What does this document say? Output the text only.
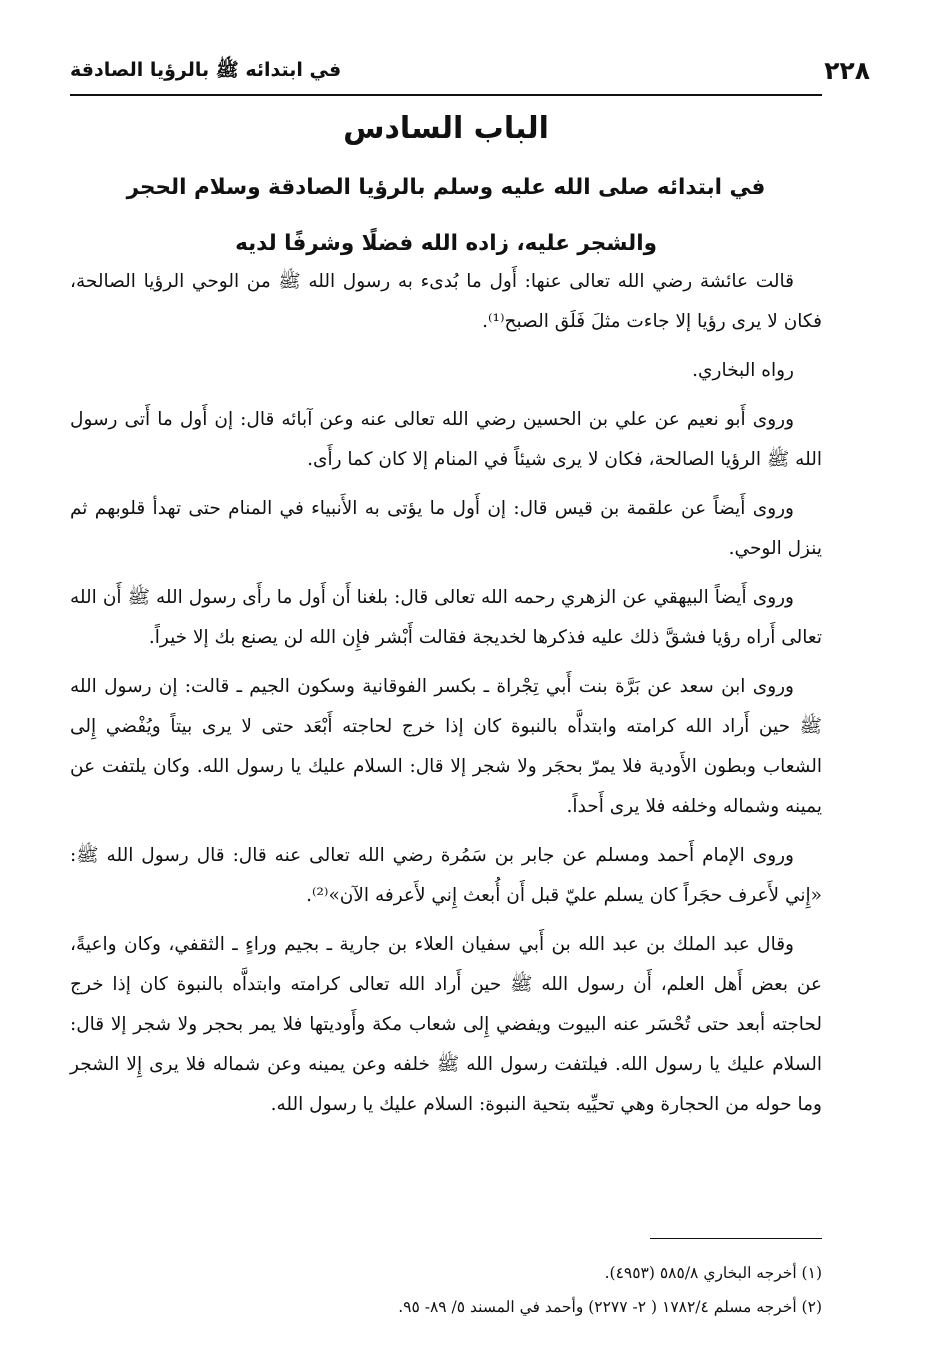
٢٢٨
في ابتدائه ﷺ بالرؤيا الصادقة
الباب السادس
في ابتدائه صلى الله عليه وسلم بالرؤيا الصادقة وسلام الحجر والشجر عليه، زاده الله فضلًا وشرفًا لديه

قالت عائشة رضي الله تعالى عنها: أَول ما بُدىء به رسول الله ﷺ من الوحي الرؤيا الصالحة، فكان لا يرى رؤيا إلا جاءت مثلَ فَلَق الصبح⁽¹⁾.

رواه البخاري.

وروى أَبو نعيم عن علي بن الحسين رضي الله تعالى عنه وعن آبائه قال: إن أَول ما أَتى رسول الله ﷺ الرؤيا الصالحة، فكان لا يرى شيئاً في المنام إلا كان كما رأَى.

وروى أَيضاً عن علقمة بن قيس قال: إن أَول ما يؤتى به الأَنبياء في المنام حتى تهدأ قلوبهم ثم ينزل الوحي.

وروى أَيضاً البيهقي عن الزهري رحمه الله تعالى قال: بلغنا أَن أَول ما رأَى رسول الله ﷺ أَن الله تعالى أَراه رؤيا فشقَّ ذلك عليه فذكرها لخديجة فقالت أَبْشر فإِن الله لن يصنع بك إلا خيراً.

وروى ابن سعد عن بَرَّة بنت أَبي تِجْراة ـ بكسر الفوقانية وسكون الجيم ـ قالت: إن رسول الله ﷺ حين أَراد الله كرامته وابتداَّه بالنبوة كان إذا خرج لحاجته أَبْعَد حتى لا يرى بيتاً ويُفْضي إِلى الشعاب وبطون الأَودية فلا يمرّ بحجَر ولا شجر إلا قال: السلام عليك يا رسول الله. وكان يلتفت عن يمينه وشماله وخلفه فلا يرى أَحداً.

وروى الإمام أَحمد ومسلم عن جابر بن سَمُرة رضي الله تعالى عنه قال: قال رسول الله ﷺ: «إِني لأَعرف حجَراً كان يسلم عليّ قبل أَن أُبعث إِني لأَعرفه الآن»⁽²⁾.

وقال عبد الملك بن عبد الله بن أَبي سفيان العلاء بن جارية ـ بجيم وراءٍ ـ الثقفي، وكان واعيةً، عن بعض أَهل العلم، أَن رسول الله ﷺ حين أَراد الله تعالى كرامته وابتداَّه بالنبوة كان إذا خرج لحاجته أبعد حتى تُحْسَر عنه البيوت ويفضي إِلى شعاب مكة وأَوديتها فلا يمر بحجر ولا شجر إلا قال: السلام عليك يا رسول الله. فيلتفت رسول الله ﷺ خلفه وعن يمينه وعن شماله فلا يرى إِلا الشجر وما حوله من الحجارة وهي تحيِّيه بتحية النبوة: السلام عليك يا رسول الله.

(١) أخرجه البخاري ٥٨٥/٨ (٤٩٥٣).
(٢) أخرجه مسلم ١٧٨٢/٤ ( ٢- ٢٢٧٧) وأحمد في المسند ٥/ ٨٩- ٩٥.
